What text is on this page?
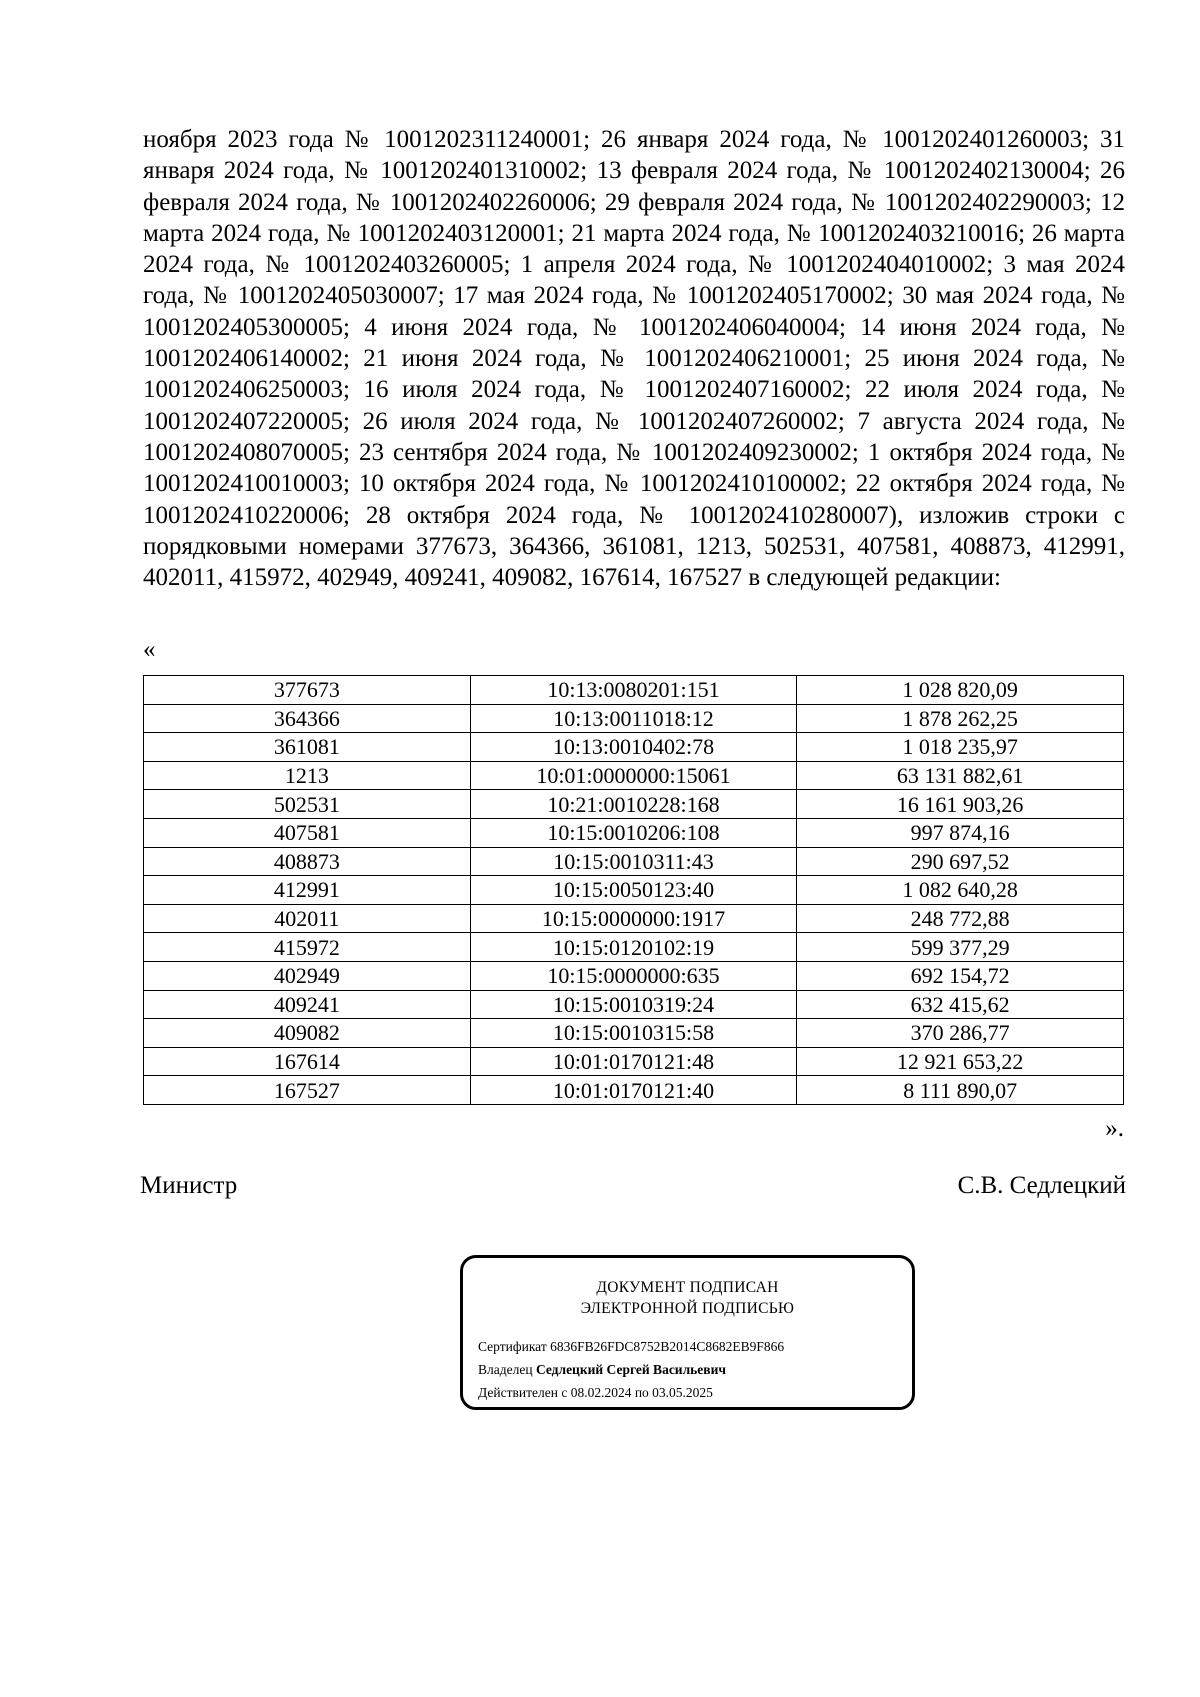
ноября 2023 года № 1001202311240001; 26 января 2024 года, № 1001202401260003; 31 января 2024 года, № 1001202401310002; 13 февраля 2024 года, № 1001202402130004; 26 февраля 2024 года, № 1001202402260006; 29 февраля 2024 года, № 1001202402290003; 12 марта 2024 года, № 1001202403120001; 21 марта 2024 года, № 1001202403210016; 26 марта 2024 года, № 1001202403260005; 1 апреля 2024 года, № 1001202404010002; 3 мая 2024 года, № 1001202405030007; 17 мая 2024 года, № 1001202405170002; 30 мая 2024 года, № 1001202405300005; 4 июня 2024 года, № 1001202406040004; 14 июня 2024 года, № 1001202406140002; 21 июня 2024 года, № 1001202406210001; 25 июня 2024 года, № 1001202406250003; 16 июля 2024 года, № 1001202407160002; 22 июля 2024 года, № 1001202407220005; 26 июля 2024 года, № 1001202407260002; 7 августа 2024 года, № 1001202408070005; 23 сентября 2024 года, № 1001202409230002; 1 октября 2024 года, № 1001202410010003; 10 октября 2024 года, № 1001202410100002; 22 октября 2024 года, № 1001202410220006; 28 октября 2024 года, № 1001202410280007), изложив строки с порядковыми номерами 377673, 364366, 361081, 1213, 502531, 407581, 408873, 412991, 402011, 415972, 402949, 409241, 409082, 167614, 167527 в следующей редакции:

«

377673	10:13:0080201:151	1 028 820,09
364366	10:13:0011018:12	1 878 262,25
361081	10:13:0010402:78	1 018 235,97
1213	10:01:0000000:15061	63 131 882,61
502531	10:21:0010228:168	16 161 903,26
407581	10:15:0010206:108	997 874,16
408873	10:15:0010311:43	290 697,52
412991	10:15:0050123:40	1 082 640,28
402011	10:15:0000000:1917	248 772,88
415972	10:15:0120102:19	599 377,29
402949	10:15:0000000:635	692 154,72
409241	10:15:0010319:24	632 415,62
409082	10:15:0010315:58	370 286,77
167614	10:01:0170121:48	12 921 653,22
167527	10:01:0170121:40	8 111 890,07

».

Министр	С.В. Седлецкий
ДОКУМЕНТ ПОДПИСАН
ЭЛЕКТРОННОЙ ПОДПИСЬЮ
Сертификат 6836FB26FDC8752B2014C8682EB9F866
Владелец Седлецкий Сергей Васильевич
Действителен с 08.02.2024 по 03.05.2025
